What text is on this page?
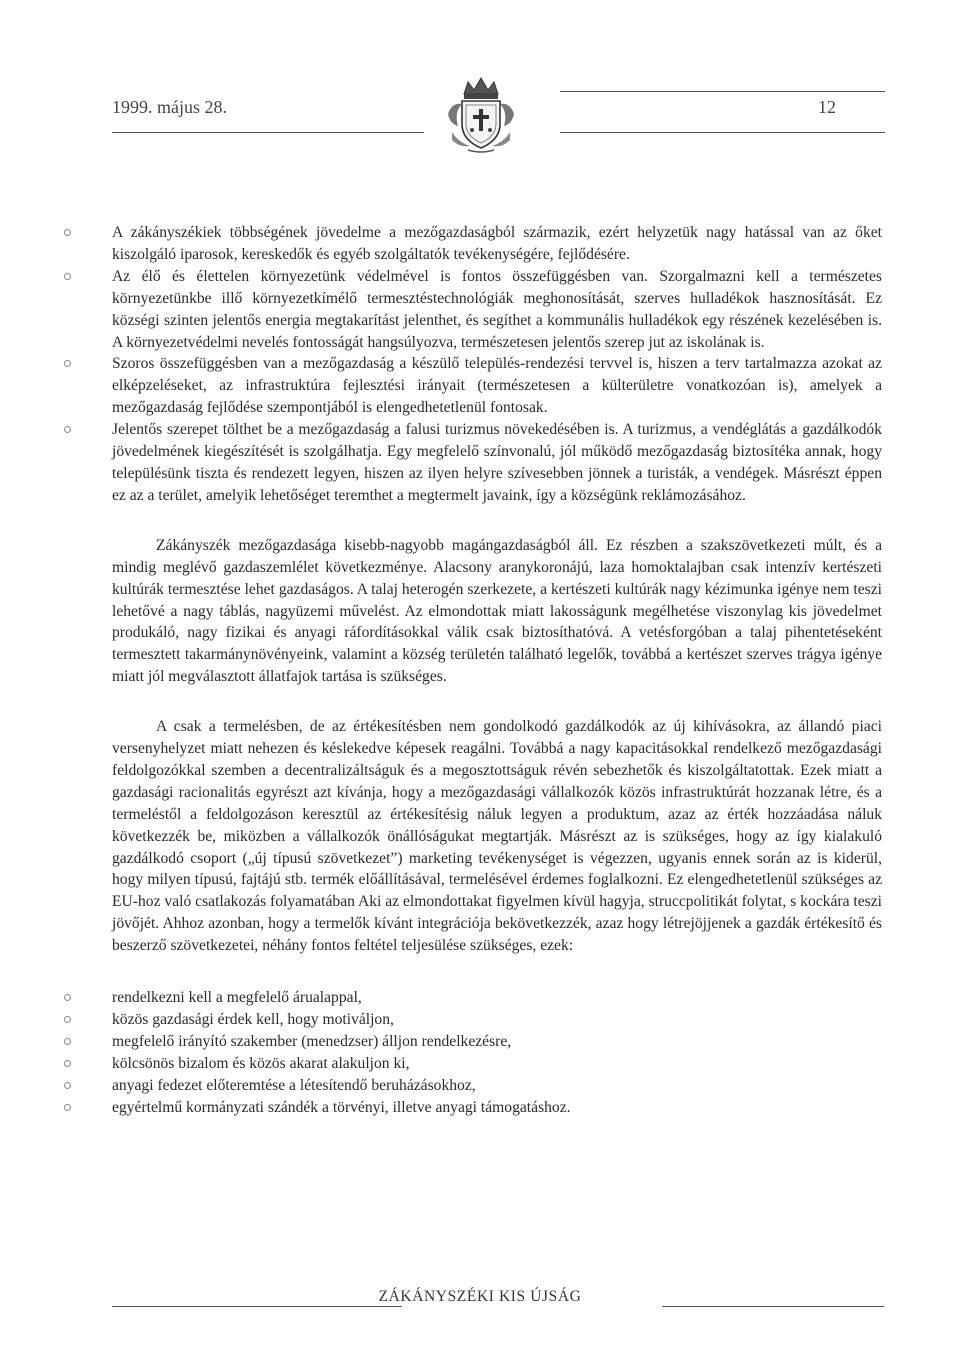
1999. május 28.	12
A zákányszékiek többségének jövedelme a mezőgazdaságból származik, ezért helyzetük nagy hatással van az őket kiszolgáló iparosok, kereskedők és egyéb szolgáltatók tevékenységére, fejlődésére.
Az élő és élettelen környezetünk védelmével is fontos összefüggésben van. Szorgalmazni kell a természetes környezetünkbe illő környezetkímélő termesztéstechnológiák meghonosítását, szerves hulladékok hasznosítását. Ez községi szinten jelentős energia megtakarítást jelenthet, és segíthet a kommunális hulladékok egy részének kezelésében is. A környezetvédelmi nevelés fontosságát hangsúlyozva, természetesen jelentős szerep jut az iskolának is.
Szoros összefüggésben van a mezőgazdaság a készülő település-rendezési tervvel is, hiszen a terv tartalmazza azokat az elképzeléseket, az infrastruktúra fejlesztési irányait (természetesen a külterületre vonatkozóan is), amelyek a mezőgazdaság fejlődése szempontjából is elengedhetetlenül fontosak.
Jelentős szerepet tölthet be a mezőgazdaság a falusi turizmus növekedésében is. A turizmus, a vendéglátás a gazdálkodók jövedelmének kiegészítését is szolgálhatja. Egy megfelelő színvonalú, jól működő mezőgazdaság biztosítéka annak, hogy településünk tiszta és rendezett legyen, hiszen az ilyen helyre szívesebben jönnek a turisták, a vendégek. Másrészt éppen ez az a terület, amelyik lehetőséget teremthet a megtermelt javaink, így a községünk reklámozásához.

Zákányszék mezőgazdasága kisebb-nagyobb magángazdaságból áll. Ez részben a szakszövetkezeti múlt, és a mindig meglévő gazdaszemlélet következménye. Alacsony aranykoronájú, laza homoktalajban csak intenzív kertészeti kultúrák termesztése lehet gazdaságos. A talaj heterogén szerkezete, a kertészeti kultúrák nagy kézimunka igénye nem teszi lehetővé a nagy táblás, nagyüzemi művelést. Az elmondottak miatt lakosságunk megélhetése viszonylag kis jövedelmet produkáló, nagy fizikai és anyagi ráfordításokkal válik csak biztosíthatóvá. A vetésforgóban a talaj pihentetéseként termesztett takarmánynövényeink, valamint a község területén található legelők, továbbá a kertészet szerves trágya igénye miatt jól megválasztott állatfajok tartása is szükséges.

A csak a termelésben, de az értékesítésben nem gondolkodó gazdálkodók az új kihívásokra, az állandó piaci versenyhelyzet miatt nehezen és késlekedve képesek reagálni. Továbbá a nagy kapacitásokkal rendelkező mezőgazdasági feldolgozókkal szemben a decentralizáltságuk és a megosztottságuk révén sebezhetők és kiszolgáltatottak. Ezek miatt a gazdasági racionalitás egyrészt azt kívánja, hogy a mezőgazdasági vállalkozók közös infrastruktúrát hozzanak létre, és a termeléstől a feldolgozáson keresztül az értékesítésig náluk legyen a produktum, azaz az érték hozzáadása náluk következzék be, miközben a vállalkozók önállóságukat megtartják. Másrészt az is szükséges, hogy az így kialakuló gazdálkodó csoport („új típusú szövetkezet”) marketing tevékenységet is végezzen, ugyanis ennek során az is kiderül, hogy milyen típusú, fajtájú stb. termék előállításával, termelésével érdemes foglalkozni. Ez elengedhetetlenül szükséges az EU-hoz való csatlakozás folyamatában Aki az elmondottakat figyelmen kívül hagyja, struccpolitikát folytat, s kockára teszi jövőjét. Ahhoz azonban, hogy a termelők kívánt integrációja bekövetkezzék, azaz hogy létrejöjjenek a gazdák értékesítő és beszerző szövetkezetei, néhány fontos feltétel teljesülése szükséges, ezek:

rendelkezni kell a megfelelő árualappal,
közös gazdasági érdek kell, hogy motiváljon,
megfelelő irányító szakember (menedzser) álljon rendelkezésre,
kölcsönös bizalom és közös akarat alakuljon ki,
anyagi fedezet előteremtése a létesítendő beruházásokhoz,
egyértelmű kormányzati szándék a törvényi, illetve anyagi támogatáshoz.
ZÁKÁNYSZÉKI KIS ÚJSÁG
